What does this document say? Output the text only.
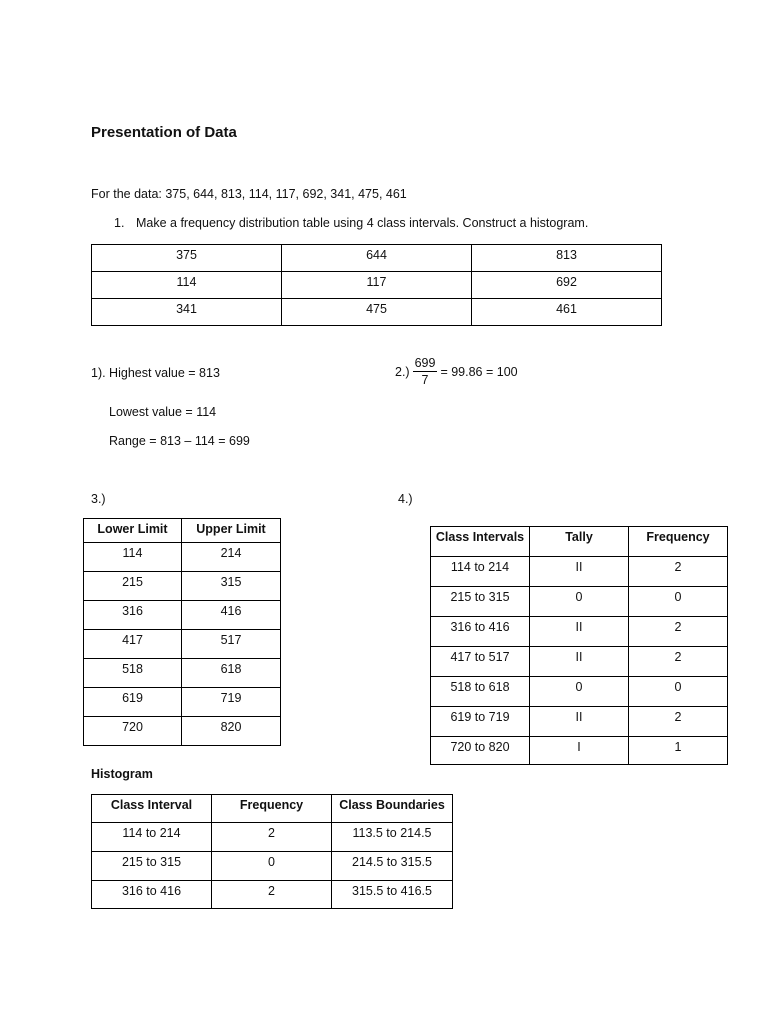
Presentation of Data
For the data: 375, 644, 813, 114, 117, 692, 341, 475, 461
1. Make a frequency distribution table using 4 class intervals. Construct a histogram.
375	644	813
114	117	692
341	475	461
1). Highest value = 813
Lowest value = 114
Range = 813 – 114 = 699
$2.) \frac{699}{7} = 99.86 = 100$
3.)
Lower Limit	Upper Limit
114	214
215	315
316	416
417	517
518	618
619	719
720	820
4.)
Class Intervals	Tally	Frequency
114 to 214	II	2
215 to 315	0	0
316 to 416	II	2
417 to 517	II	2
518 to 618	0	0
619 to 719	II	2
720 to 820	I	1
Histogram
Class Interval	Frequency	Class Boundaries
114 to 214	2	113.5 to 214.5
215 to 315	0	214.5 to 315.5
316 to 416	2	315.5 to 416.5
